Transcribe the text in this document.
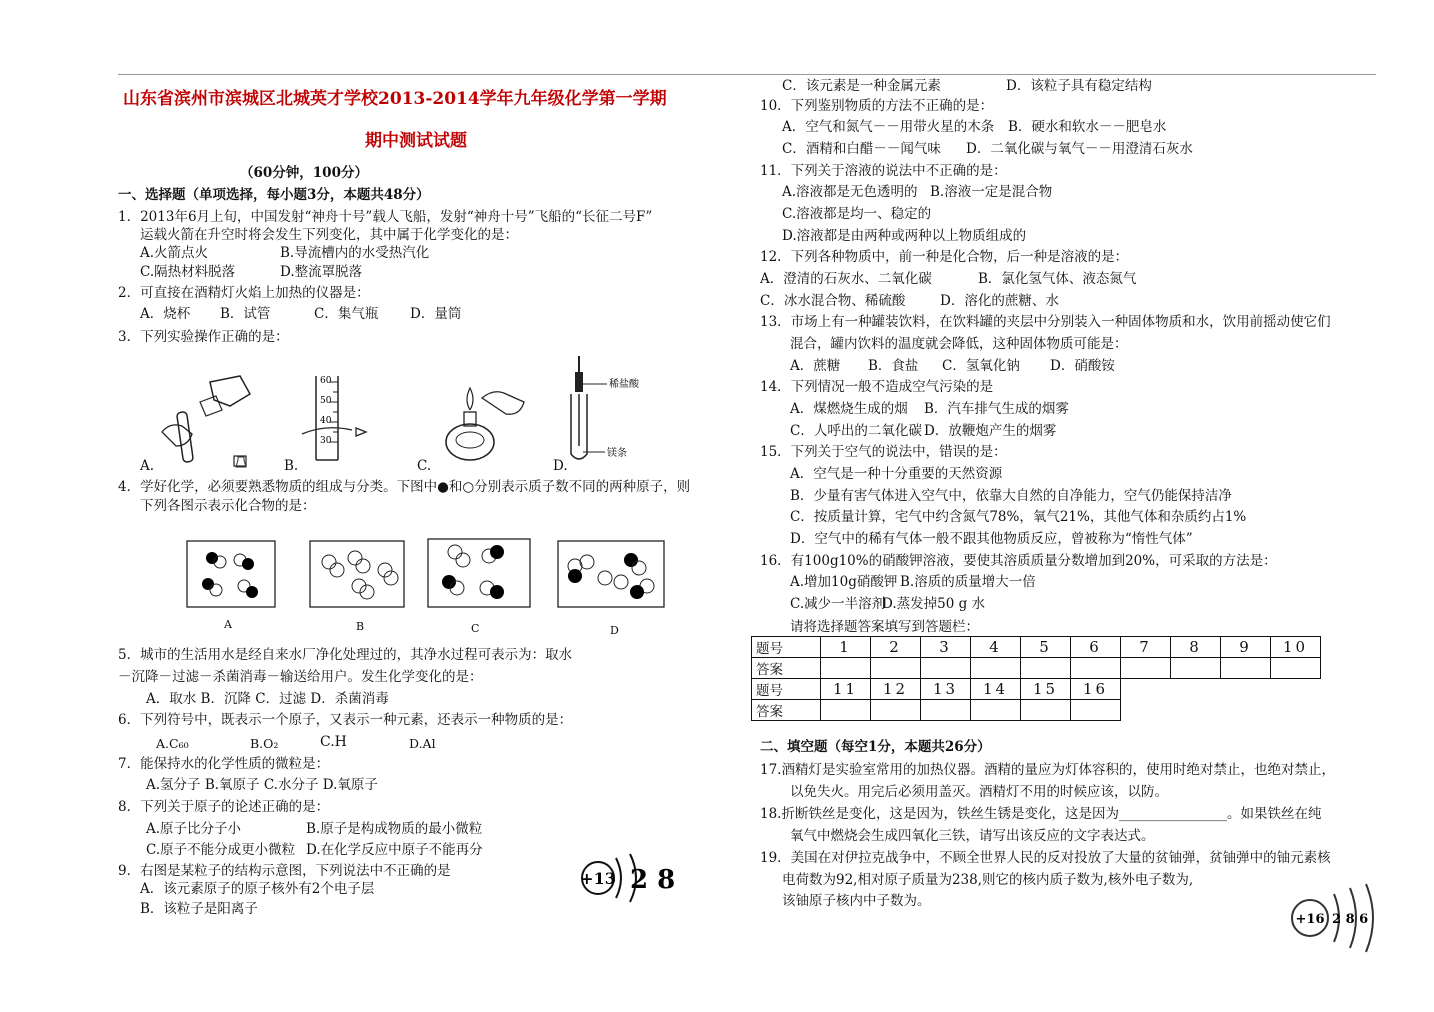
山东省滨州市滨城区北城英才学校2013-2014学年九年级化学第一学期
期中测试试题
（60分钟，100分）
一、选择题（单项选择，每小题3分，本题共48分）
1．2013年6月上旬，中国发射“神舟十号”载人飞船，发射“神舟十号”飞船的“长征二号F”
运载火箭在升空时将会发生下列变化，其中属于化学变化的是：
A.火箭点火	B.导流槽内的水受热汽化
C.隔热材料脱落	D.整流罩脱落
2．可直接在酒精灯火焰上加热的仪器是：
A．烧杯 B．试管	C．集气瓶 D．量筒
3．下列实验操作正确的是：
60
50
40
30
稀盐酸
镁条
A.	B.	C.	D.
4．学好化学，必须要熟悉物质的组成与分类。下图中●和○分别表示质子数不同的两种原子，则
下列各图示表示化合物的是：
A	B	C	D
5．城市的生活用水是经自来水厂净化处理过的，其净水过程可表示为：取水
－沉降－过滤－杀菌消毒－输送给用户。发生化学变化的是：
A．取水 B．沉降 C．过滤 D．杀菌消毒
6．下列符号中，既表示一个原子，又表示一种元素，还表示一种物质的是：
A.C₆₀	B.O₂	C.H	D.Al
7．能保持水的化学性质的微粒是：
A.氢分子 B.氧原子 C.水分子 D.氧原子
8．下列关于原子的论述正确的是：
A.原子比分子小	B.原子是构成物质的最小微粒
C.原子不能分成更小微粒 D.在化学反应中原子不能再分
9．右图是某粒子的结构示意图，下列说法中不正确的是
A．该元素原子的原子核外有2个电子层
B．该粒子是阳离子
+13 2 8
C．该元素是一种金属元素	D．该粒子具有稳定结构
10．下列鉴别物质的方法不正确的是：
A．空气和氮气－－用带火星的木条 B．硬水和软水－－肥皂水
C．酒精和白醋－－闻气味 D．二氧化碳与氧气－－用澄清石灰水
11．下列关于溶液的说法中不正确的是：
A.溶液都是无色透明的 B.溶液一定是混合物
C.溶液都是均一、稳定的
D.溶液都是由两种或两种以上物质组成的
12．下列各种物质中，前一种是化合物，后一种是溶液的是：
A．澄清的石灰水、二氧化碳	B．氯化氢气体、液态氮气
C．冰水混合物、稀硫酸	D．溶化的蔗糖、水
13．市场上有一种罐装饮料，在饮料罐的夹层中分别装入一种固体物质和水，饮用前摇动使它们
混合，罐内饮料的温度就会降低，这种固体物质可能是：
A．蔗糖 B．食盐 C．氢氧化钠 D．硝酸铵
14．下列情况一般不造成空气污染的是
A．煤燃烧生成的烟 B．汽车排气生成的烟雾
C．人呼出的二氧化碳 D．放鞭炮产生的烟雾
15．下列关于空气的说法中，错误的是：
A．空气是一种十分重要的天然资源
B．少量有害气体进入空气中，依靠大自然的自净能力，空气仍能保持洁净
C．按质量计算，宅气中约含氮气78%，氧气21%，其他气体和杂质约占1%
D．空气中的稀有气体一般不跟其他物质反应，曾被称为“惰性气体”
16．有100g10%的硝酸钾溶液，要使其溶质质量分数增加到20%，可采取的方法是：
A.增加10g硝酸钾 B.溶质的质量增大一倍
C.减少一半溶剂
D.蒸发掉50 g 水
请将选择题答案填写到答题栏：
题号	1	2	3	4	5	6	7	8	9	10
答案										
题号	11	12	13	14	15	16				
答案										
二、填空题（每空1分，本题共26分）
17.酒精灯是实验室常用的加热仪器。酒精的量应为灯体容积的，使用时绝对禁止，也绝对禁止，
以免失火。用完后必须用盖灭。酒精灯不用的时候应该，以防。
18.折断铁丝是变化，这是因为，铁丝生锈是变化，这是因为________________。如果铁丝在纯
氧气中燃烧会生成四氧化三铁，请写出该反应的文字表达式。
19．美国在对伊拉克战争中，不顾全世界人民的反对投放了大量的贫铀弹，贫铀弹中的铀元素核
电荷数为92,相对原子质量为238,则它的核内质子数为,核外电子数为,
该铀原子核内中子数为。
+16 2 8 6
